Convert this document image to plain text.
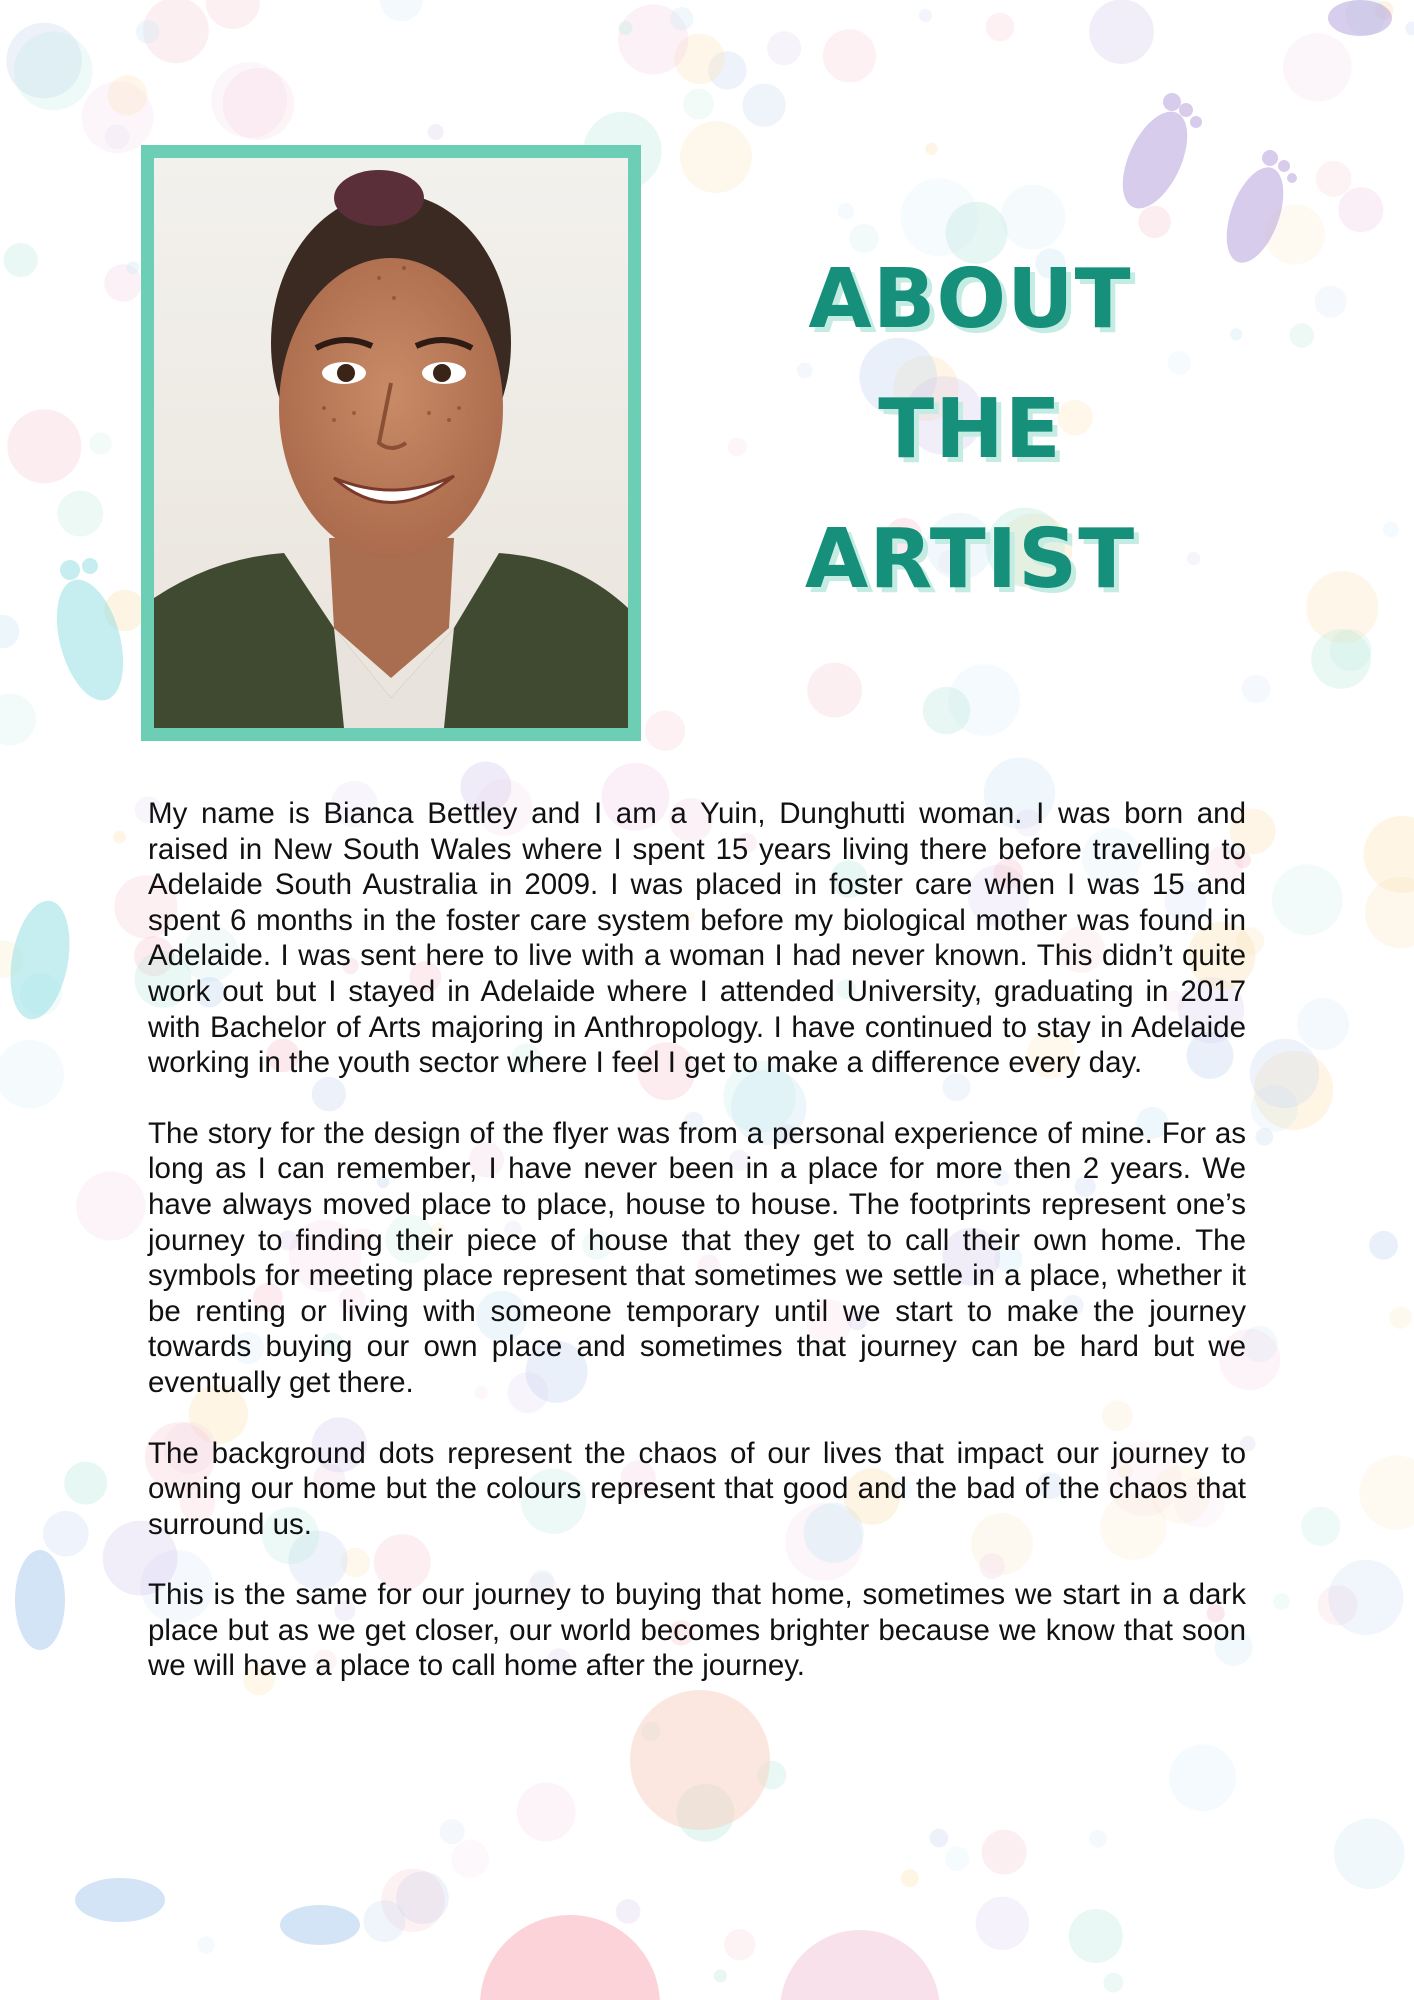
ABOUT
THE
ARTIST

My name is Bianca Bettley and I am a Yuin, Dunghutti woman. I was born and raised in New South Wales where I spent 15 years living there before travelling to Adelaide South Australia in 2009. I was placed in foster care when I was 15 and spent 6 months in the foster care system before my biological mother was found in Adelaide. I was sent here to live with a woman I had never known. This didn’t quite work out but I stayed in Adelaide where I attended University, graduating in 2017 with Bachelor of Arts majoring in Anthropology. I have continued to stay in Adelaide working in the youth sector where I feel I get to make a difference every day.

The story for the design of the flyer was from a personal experience of mine. For as long as I can remember, I have never been in a place for more then 2 years. We have always moved place to place, house to house. The footprints represent one’s journey to finding their piece of house that they get to call their own home. The symbols for meeting place represent that sometimes we settle in a place, whether it be renting or living with someone temporary until we start to make the journey towards buying our own place and sometimes that journey can be hard but we eventually get there.

The background dots represent the chaos of our lives that impact our journey to owning our home but the colours represent that good and the bad of the chaos that surround us.

This is the same for our journey to buying that home, sometimes we start in a dark place but as we get closer, our world becomes brighter because we know that soon we will have a place to call home after the journey.
